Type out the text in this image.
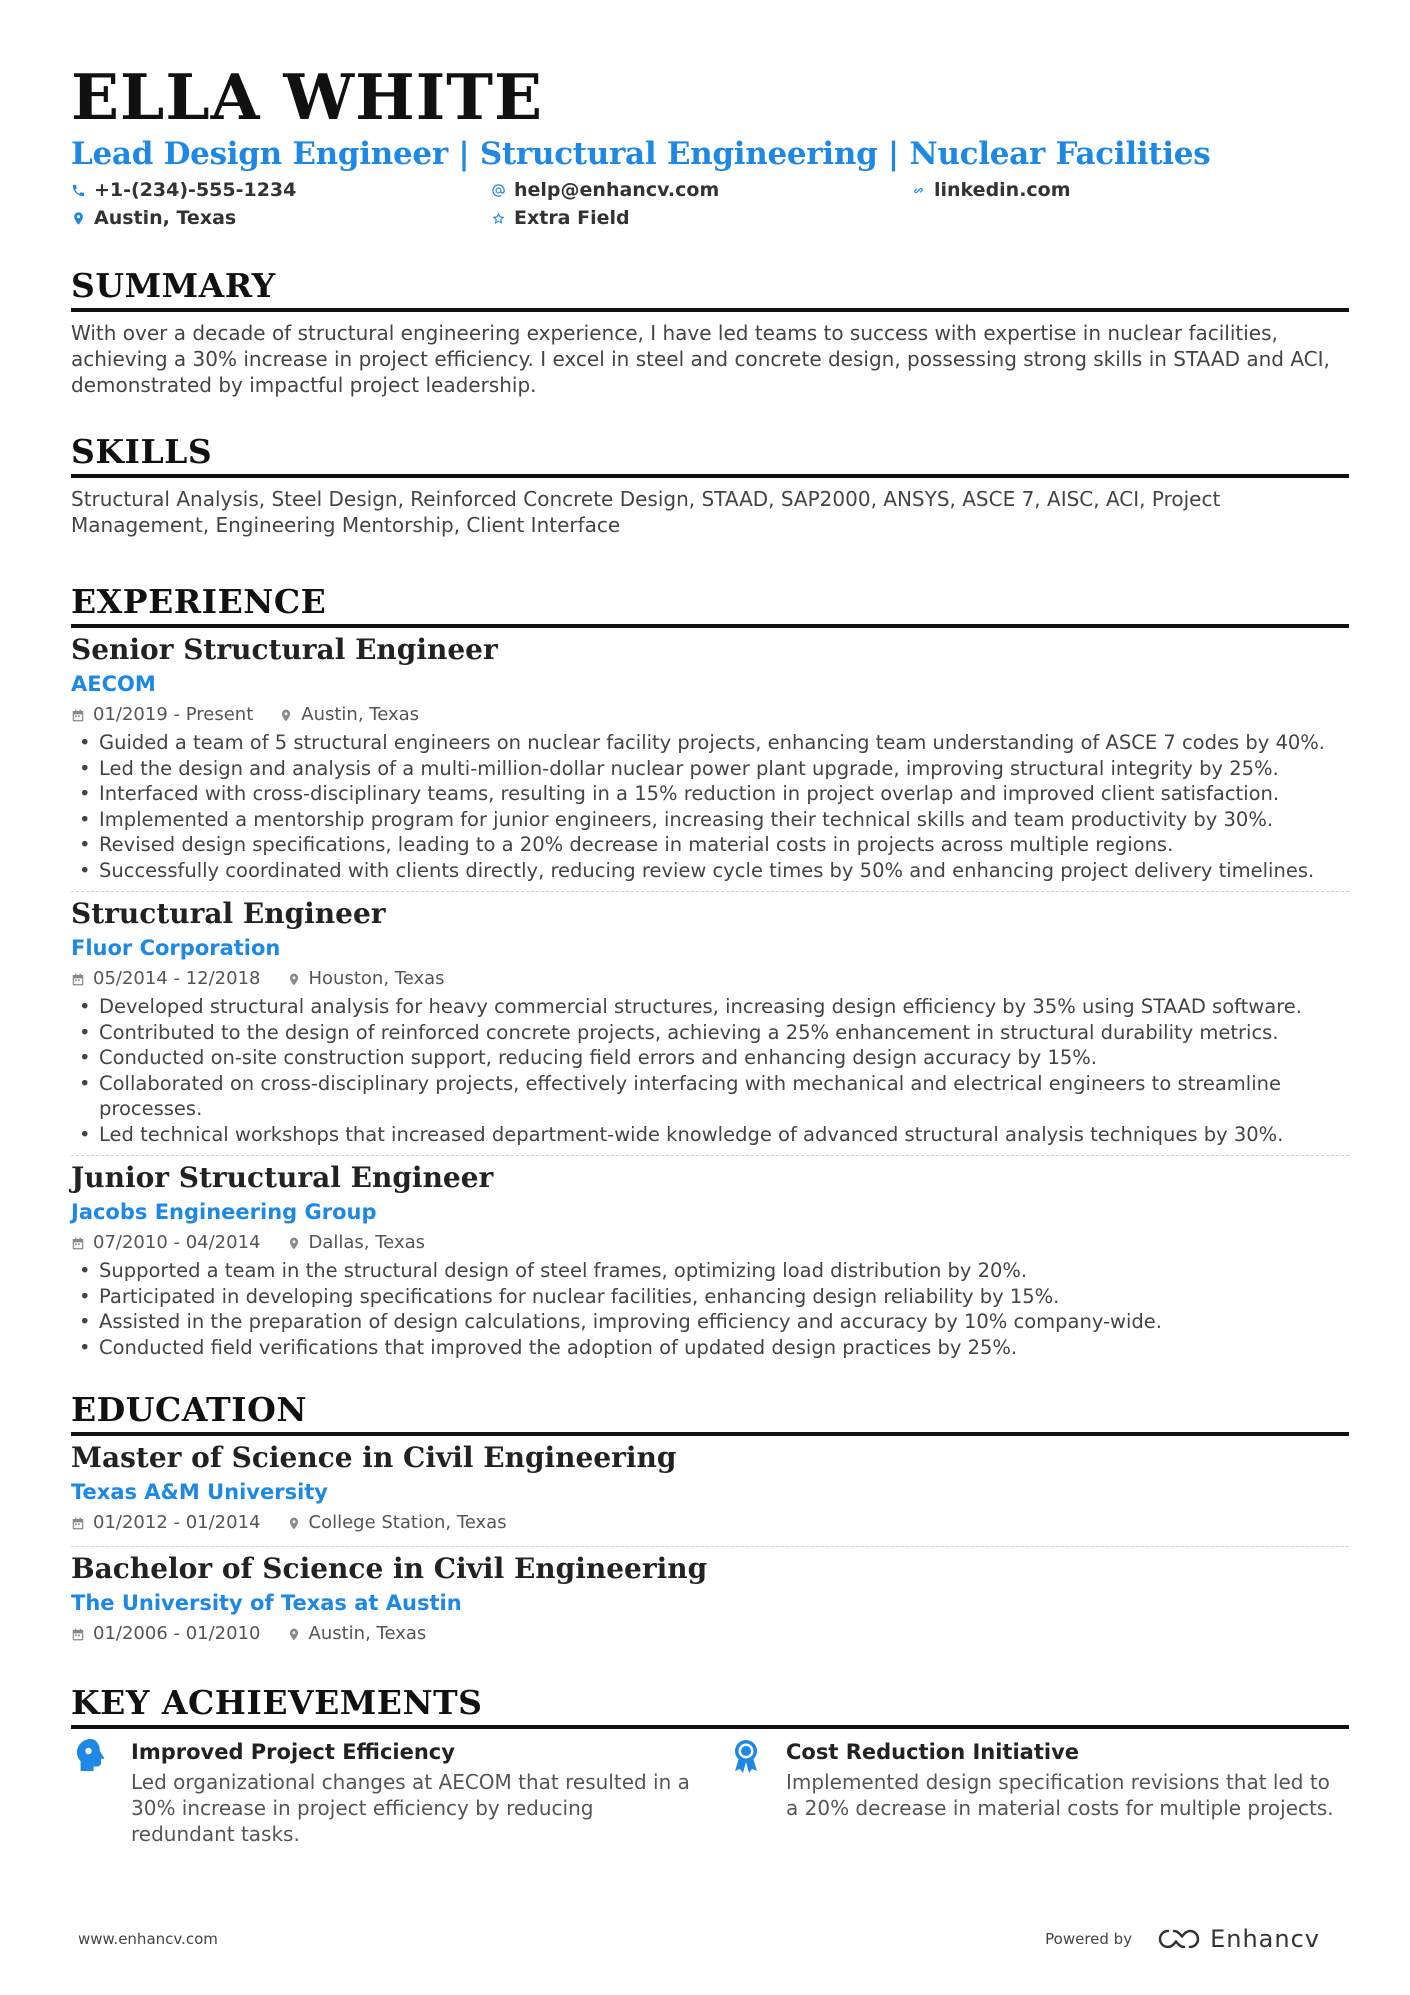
ELLA WHITE
Lead Design Engineer | Structural Engineering | Nuclear Facilities
+1-(234)-555-1234	help@enhancv.com	linkedin.com
Austin, Texas	Extra Field
SUMMARY
With over a decade of structural engineering experience, I have led teams to success with expertise in nuclear facilities, achieving a 30% increase in project efficiency. I excel in steel and concrete design, possessing strong skills in STAAD and ACI, demonstrated by impactful project leadership.
SKILLS
Structural Analysis, Steel Design, Reinforced Concrete Design, STAAD, SAP2000, ANSYS, ASCE 7, AISC, ACI, Project Management, Engineering Mentorship, Client Interface
EXPERIENCE
Senior Structural Engineer
AECOM
01/2019 - Present	Austin, Texas
• Guided a team of 5 structural engineers on nuclear facility projects, enhancing team understanding of ASCE 7 codes by 40%.
• Led the design and analysis of a multi-million-dollar nuclear power plant upgrade, improving structural integrity by 25%.
• Interfaced with cross-disciplinary teams, resulting in a 15% reduction in project overlap and improved client satisfaction.
• Implemented a mentorship program for junior engineers, increasing their technical skills and team productivity by 30%.
• Revised design specifications, leading to a 20% decrease in material costs in projects across multiple regions.
• Successfully coordinated with clients directly, reducing review cycle times by 50% and enhancing project delivery timelines.
Structural Engineer
Fluor Corporation
05/2014 - 12/2018	Houston, Texas
• Developed structural analysis for heavy commercial structures, increasing design efficiency by 35% using STAAD software.
• Contributed to the design of reinforced concrete projects, achieving a 25% enhancement in structural durability metrics.
• Conducted on-site construction support, reducing field errors and enhancing design accuracy by 15%.
• Collaborated on cross-disciplinary projects, effectively interfacing with mechanical and electrical engineers to streamline processes.
• Led technical workshops that increased department-wide knowledge of advanced structural analysis techniques by 30%.
Junior Structural Engineer
Jacobs Engineering Group
07/2010 - 04/2014	Dallas, Texas
• Supported a team in the structural design of steel frames, optimizing load distribution by 20%.
• Participated in developing specifications for nuclear facilities, enhancing design reliability by 15%.
• Assisted in the preparation of design calculations, improving efficiency and accuracy by 10% company-wide.
• Conducted field verifications that improved the adoption of updated design practices by 25%.
EDUCATION
Master of Science in Civil Engineering
Texas A&M University
01/2012 - 01/2014	College Station, Texas
Bachelor of Science in Civil Engineering
The University of Texas at Austin
01/2006 - 01/2010	Austin, Texas
KEY ACHIEVEMENTS
Improved Project Efficiency
Led organizational changes at AECOM that resulted in a 30% increase in project efficiency by reducing redundant tasks.
Cost Reduction Initiative
Implemented design specification revisions that led to a 20% decrease in material costs for multiple projects.
www.enhancv.com	Powered by	Enhancv
